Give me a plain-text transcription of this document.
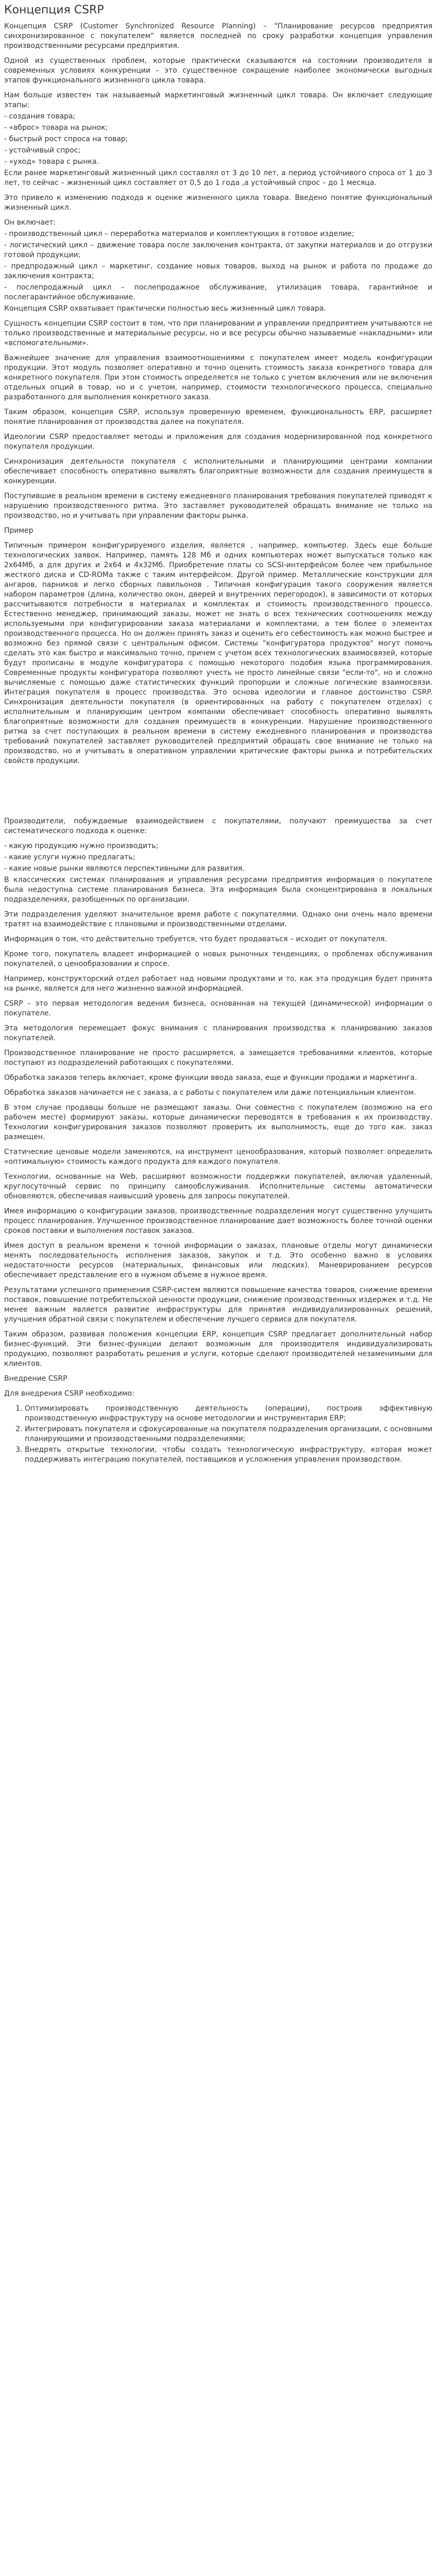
Концепция CSRP

Концепция CSRP (Customer Synchronized Resource Planning) – "Планирование ресурсов предприятия синхронизированное с покупателем" является последней по сроку разработки концепция управления производственными ресурсами предприятия.

Одной из существенных проблем, которые практически сказываются на состоянии производителя в современных условиях конкуренции – это существенное сокращение наиболее экономически выгодных этапов функционального жизненного цикла товара.

Нам больше известен так называемый маркетинговый жизненный цикл товара. Он включает следующие этапы:

- создания товара;

- «вброс» товара на рынок;

- быстрый рост спроса на товар;

- устойчивый спрос;

- «уход» товара с рынка.

Если ранее маркетинговый жизненный цикл составлял от 3 до 10 лет, а период устойчивого спроса от 1 до 3 лет, то сейчас – жизненный цикл составляет от 0,5 до 1 года ,а устойчивый спрос – до 1 месяца.

Это привело к изменению подхода к оценке жизненного цикла товара. Введено понятие функциональный жизненный цикл.

Он включает:

- производственный цикл – переработка материалов и комплектующих в готовое изделие;

- логистический цикл – движение товара после заключения контракта, от закупки материалов и до отгрузки готовой продукции;

- предпродажный цикл – маркетинг, создание новых товаров, выход на рынок и работа по продаже до заключения контракта;

- послепродажный цикл – послепродажное обслуживание, утилизация товара, гарантийное и послегарантийное обслуживание.

Концепция CSRP охватывает практически полностью весь жизненный цикл товара.

Сущность концепции CSRP состоит в том, что при планировании и управлении предприятием учитываются не только производственные и материальные ресурсы, но и все ресурсы обычно называемые «накладными» или «вспомогательными».

Важнейшее значение для управления взаимоотношениями с покупателем имеет модель конфигурации продукции. Этот модуль позволяет оперативно и точно оценить стоимость заказа конкретного товара для конкретного покупателя. При этом стоимость определяется не только с учетом включения или не включения отдельных опций в товар, но и с учетом, например, стоимости технологического процесса, специально разработанного для выполнения конкретного заказа.

Таким образом, концепция CSRP, используя проверенную временем, функциональность ERP, расширяет понятие планирования от производства далее на покупателя.

Идеологии CSRP предоставляет методы и приложения для создания модернизированной под конкретного покупателя продукции.

Синхронизация деятельности покупателя с исполнительными и планирующими центрами компании обеспечивает способность оперативно выявлять благоприятные возможности для создания преимуществ в конкуренции.

Поступившие в реальном времени в систему ежедневного планирования требования покупателей приводят к нарушению производственного ритма. Это заставляет руководителей обращать внимание не только на производство, но и учитывать при управлении факторы рынка.

Пример

Типичным примером конфигурируемого изделия, является , например, компьютер. Здесь еще больше технологических заявок. Например, память 128 Мб и одних компьютерах может выпускаться только как 2х64Мб, а для других и 2х64 и 4х32Мб. Приобретение платы со SCSI-интерфейсом более чем прибыльное жесткого диска и CD-ROMа также с таким интерфейсом. Другой пример. Металлические конструкции для ангаров, парников и легко сборных павильонов . Типичная конфигурация такого сооружения является набором параметров (длина, количество окон, дверей и внутренних перегородок), в зависимости от которых рассчитываются потребности в материалах и комплектах и стоимость производственного процесса. Естественно менеджер, принимающий заказы, может не знать о всех технических соотношениях между используемыми при конфигурировании заказа материалами и комплектами, а тем более о элементах производственного процесса. Но он должен принять заказ и оценить его себестоимость как можно быстрее и возможно без прямой связи с центральным офисом. Системы "конфигуратора продуктов" могут помочь сделать это как быстро и максимально точно, причем с учетом всех технологических взаимосвязей, которые будут прописаны в модуле конфигуратора с помощью некоторого подобия языка программирования. Современные продукты конфигуратора позволяют учесть не просто линейные связи "если-то", но и сложно вычисляемые с помощью даже статистических функций пропорции и сложные логические взаимосвязи. Интеграция покупателя в процесс производства. Это основа идеологии и главное достоинство CSRP. Синхронизация деятельности покупателя (в ориентированных на работу с покупателем отделах) с исполнительным и планирующим центром компании обеспечивает способность оперативно выявлять благоприятные возможности для создания преимуществ в конкуренции. Нарушение производственного ритма за счет поступающих в реальном времени в систему ежедневного планирования и производства требований покупателей заставляет руководителей предприятий обращать свое внимание не только на производство, но и учитывать в оперативном управлении критические факторы рынка и потребительских свойств продукции.

Производители, побуждаемые взаимодействием с покупателями, получают преимущества за счет систематического подхода к оценке:

- какую продукцию нужно производить;

- какие услуги нужно предлагать;

- какие новые рынки являются перспективными для развития.

В классических системах планирования и управления ресурсами предприятия информация о покупателе была недоступна системе планирования бизнеса. Эта информация была сконцентрирована в локальных подразделениях, разобщенных по организации.

Эти подразделения уделяют значительное время работе с покупателями. Однако они очень мало времени тратят на взаимодействие с плановыми и производственными отделами.

Информация о том, что действительно требуется, что будет продаваться – исходит от покупателя.

Кроме того, покупатель владеет информацией о новых рыночных тенденциях, о проблемах обслуживания покупателей, о ценообразовании и спросе.

Например, конструкторский отдел работает над новыми продуктами и то, как эта продукция будет принята на рынке, является для него жизненно важной информацией.

CSRP – это первая методология ведения бизнеса, основанная на текущей (динамической) информации о покупателе.

Эта методология перемещает фокус внимания с планирования производства к планированию заказов покупателей.

Производственное планирование не просто расширяется, а замещается требованиями клиентов, которые поступают из подразделений работающих с покупателями.

Обработка заказов теперь включает, кроме функции ввода заказа, еще и функции продажи и маркетинга.

Обработка заказов начинается не с заказа, а с работы с покупателем или даже потенциальным клиентом.

В этом случае продавцы больше не размещают заказы. Они совместно с покупателем (возможно на его рабочем месте) формируют заказы, которые динамически переводятся в требования к их производству. Технологии конфигурирования заказов позволяют проверить их выполнимость, еще до того как. заказ размещен.

Статические ценовые модели заменяются, на инструмент ценообразования, который позволяет определить «оптимальную» стоимость каждого продукта для каждого покупателя.

Технологии, основанные на Web, расширяют возможности поддержки покупателей, включая удаленный, круглосуточный сервис по принципу самообслуживания. Исполнительные системы автоматически обновляются, обеспечивая наивысший уровень для запросы покупателей.

Имея информацию о конфигурации заказов, производственные подразделения могут существенно улучшить процесс планирования. Улучшенное производственное планирование дает возможность более точной оценки сроков поставки и выполнения поставок заказов.

Имея доступ в реальном времени к точной информации о заказах, плановые отделы могут динамически менять последовательность исполнения заказов, закупок и т.д. Это особенно важно в условиях недостаточности ресурсов (материальных, финансовых или людских). Маневрированием ресурсов обеспечивает представление его в нужном объеме в нужное время.

Результатами успешного применения CSRP-систем являются повышение качества товаров, снижение времени поставок, повышение потребительской ценности продукции, снижение производственных издержек и т.д. Не менее важным является развитие инфраструктуры для принятия индивидуализированных решений, улучшения обратной связи с покупателем и обеспечение лучшего сервиса для покупателя.

Таким образом, развивая положения концепции ERP, концепция CSRP предлагает дополнительный набор бизнес-функций. Эти бизнес-функции делают возможным для производителя индивидуализировать продукцию, позволяют разработать решения и услуги, которые сделают производителей незаменимыми для клиентов.

Внедрение CSRP

Для внедрения CSRP необходимо:

1. Оптимизировать производственную деятельность (операции), построив эффективную производственную инфраструктуру на основе методологии и инструментария ERP;
2. Интегрировать покупателя и сфокусированные на покупателя подразделения организации, с основными планирующими и производственными подразделениями;
3. Внедрять открытые технологии, чтобы создать технологическую инфраструктуру, которая может поддерживать интеграцию покупателей, поставщиков и усложнения управления производством.
